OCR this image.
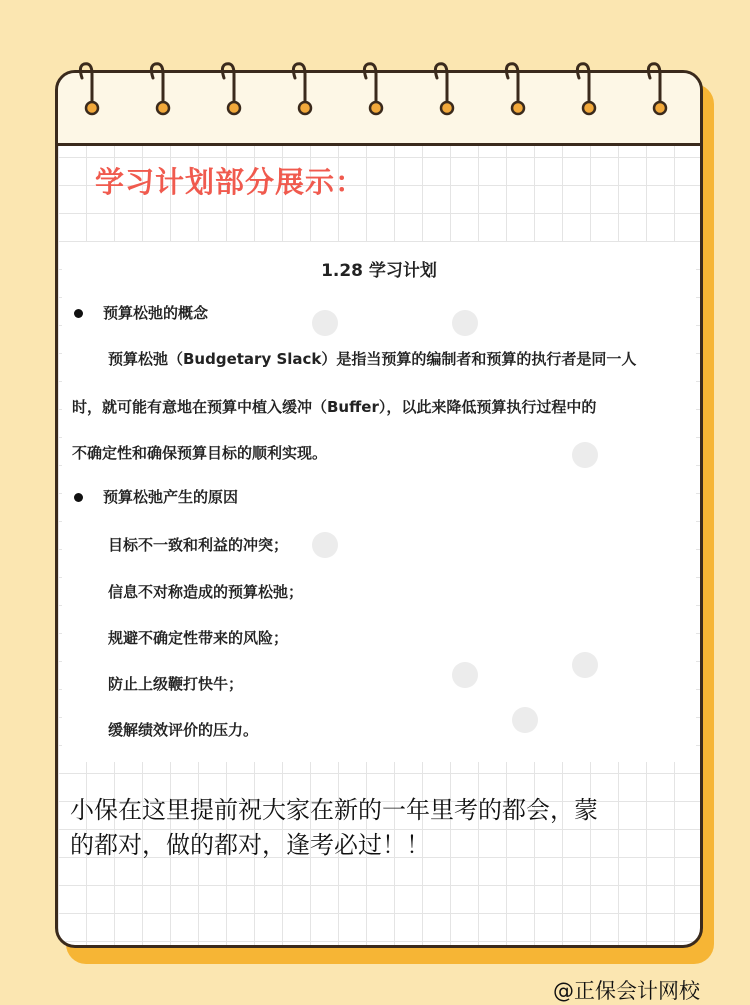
学习计划部分展示：
1.28 学习计划
预算松弛的概念
预算松弛（Budgetary Slack）是指当预算的编制者和预算的执行者是同一人
时，就可能有意地在预算中植入缓冲（Buffer），以此来降低预算执行过程中的
不确定性和确保预算目标的顺利实现。
预算松弛产生的原因
目标不一致和利益的冲突；
信息不对称造成的预算松弛；
规避不确定性带来的风险；
防止上级鞭打快牛；
缓解绩效评价的压力。
小保在这里提前祝大家在新的一年里考的都会，蒙
的都对，做的都对，逢考必过！！
@正保会计网校
